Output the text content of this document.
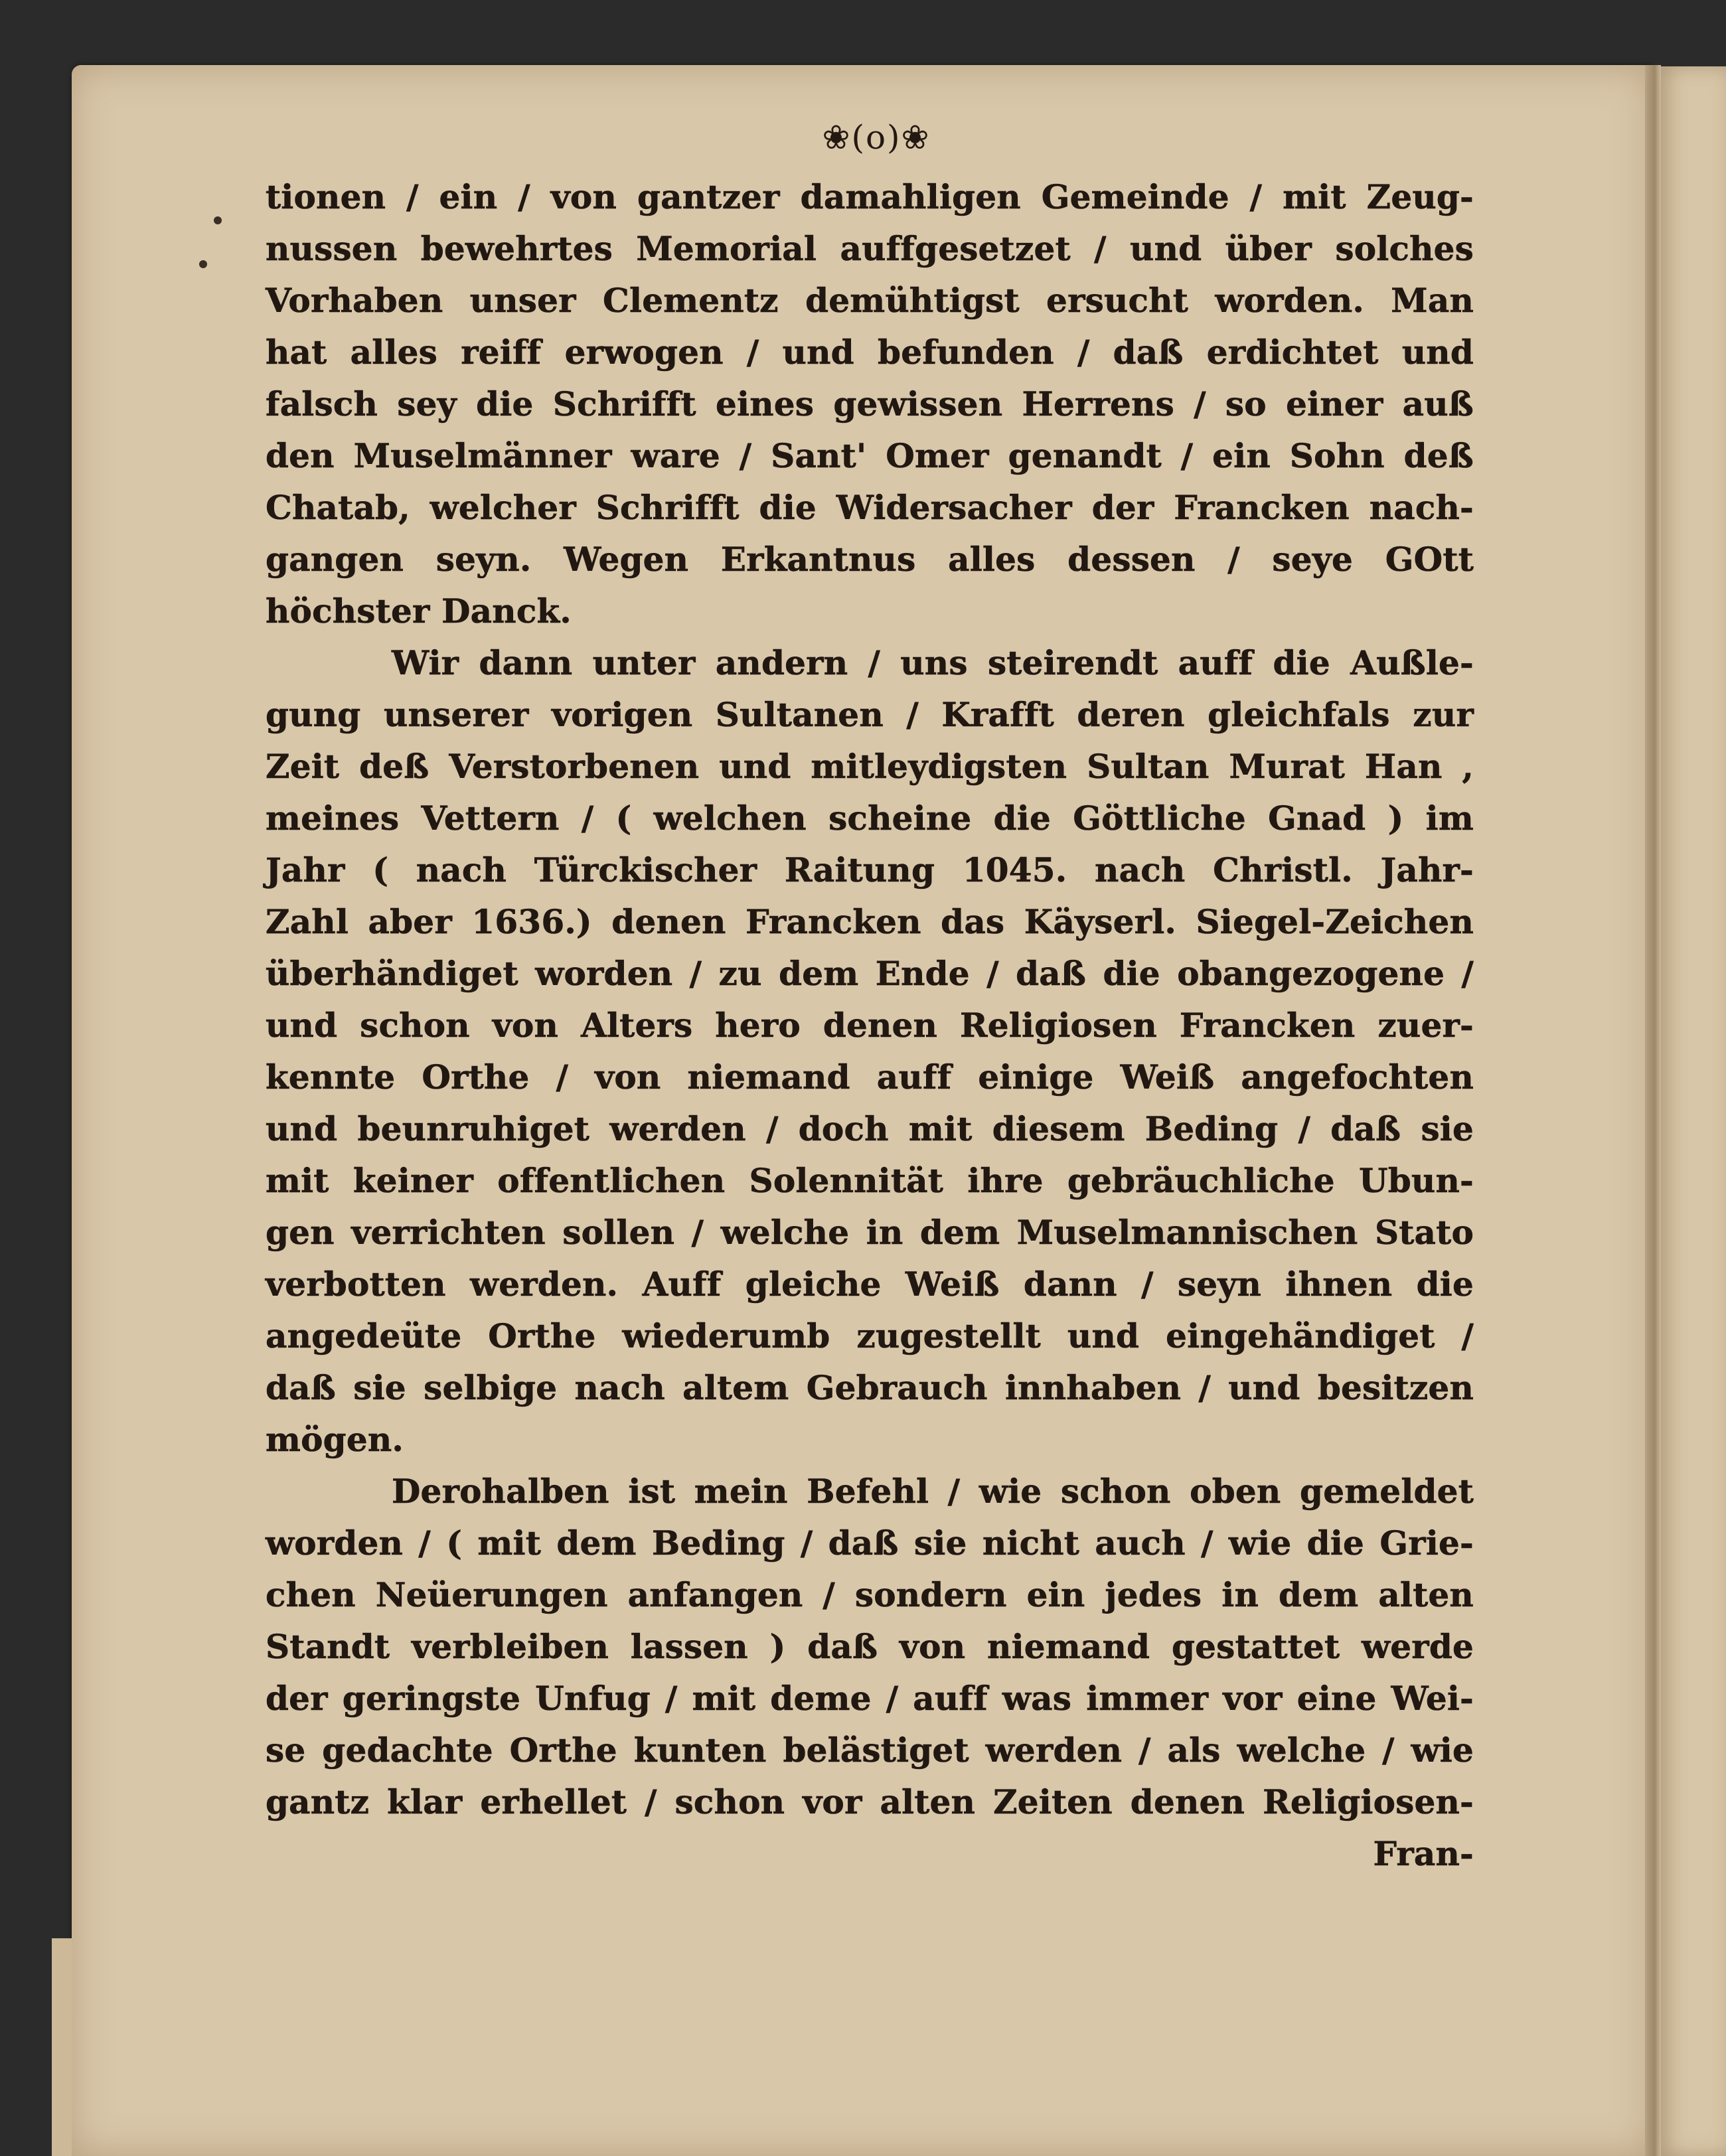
❀(o)❀
tionen / ein / von gantzer damahligen Gemeinde / mit Zeug‑
nussen bewehrtes Memorial auffgesetzet / und über solches
Vorhaben unser Clementz demühtigst ersucht worden. Man
hat alles reiff erwogen / und befunden / daß erdichtet und
falsch sey die Schrifft eines gewissen Herrens / so einer auß
den Muselmänner ware / Sant' Omer genandt / ein Sohn deß
Chatab, welcher Schrifft die Widersacher der Francken nach‑
gangen seyn. Wegen Erkantnus alles dessen / seye GOtt
höchster Danck.
Wir dann unter andern / uns steirendt auff die Außle‑
gung unserer vorigen Sultanen / Krafft deren gleichfals zur
Zeit deß Verstorbenen und mitleydigsten Sultan Murat Han ,
meines Vettern / ( welchen scheine die Göttliche Gnad ) im
Jahr ( nach Türckischer Raitung 1045. nach Christl. Jahr‑
Zahl aber 1636.) denen Francken das Käyserl. Siegel‑Zeichen
überhändiget worden / zu dem Ende / daß die obangezogene /
und schon von Alters hero denen Religiosen Francken zuer‑
kennte Orthe / von niemand auff einige Weiß angefochten
und beunruhiget werden / doch mit diesem Beding / daß sie
mit keiner offentlichen Solennität ihre gebräuchliche Ubun‑
gen verrichten sollen / welche in dem Muselmannischen Stato
verbotten werden. Auff gleiche Weiß dann / seyn ihnen die
angedeüte Orthe wiederumb zugestellt und eingehändiget /
daß sie selbige nach altem Gebrauch innhaben / und besitzen
mögen.
Derohalben ist mein Befehl / wie schon oben gemeldet
worden / ( mit dem Beding / daß sie nicht auch / wie die Grie‑
chen Neüerungen anfangen / sondern ein jedes in dem alten
Standt verbleiben lassen ) daß von niemand gestattet werde
der geringste Unfug / mit deme / auff was immer vor eine Wei‑
se gedachte Orthe kunten belästiget werden / als welche / wie
gantz klar erhellet / schon vor alten Zeiten denen Religiosen‑
Fran‑
